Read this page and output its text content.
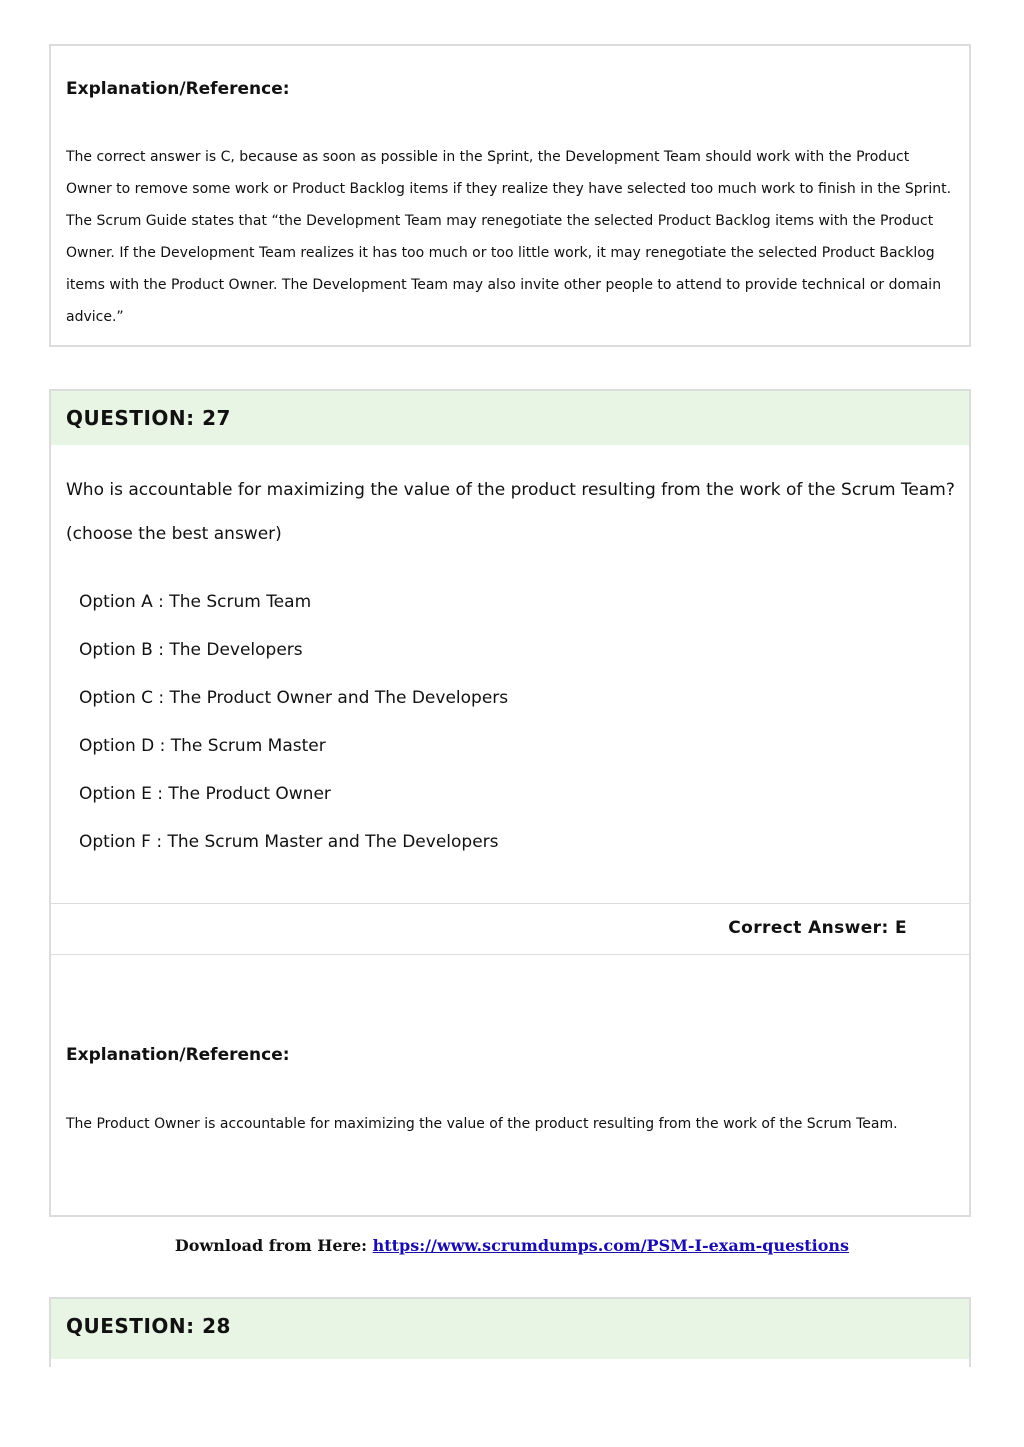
Explanation/Reference:
The correct answer is C, because as soon as possible in the Sprint, the Development Team should work with the Product Owner to remove some work or Product Backlog items if they realize they have selected too much work to finish in the Sprint. The Scrum Guide states that “the Development Team may renegotiate the selected Product Backlog items with the Product Owner. If the Development Team realizes it has too much or too little work, it may renegotiate the selected Product Backlog items with the Product Owner. The Development Team may also invite other people to attend to provide technical or domain advice.”
QUESTION: 27
Who is accountable for maximizing the value of the product resulting from the work of the Scrum Team?
(choose the best answer)
Option A : The Scrum Team
Option B : The Developers
Option C : The Product Owner and The Developers
Option D : The Scrum Master
Option E : The Product Owner
Option F : The Scrum Master and The Developers
Correct Answer: E
Explanation/Reference:
The Product Owner is accountable for maximizing the value of the product resulting from the work of the Scrum Team.
Download from Here: https://www.scrumdumps.com/PSM-I-exam-questions
QUESTION: 28
